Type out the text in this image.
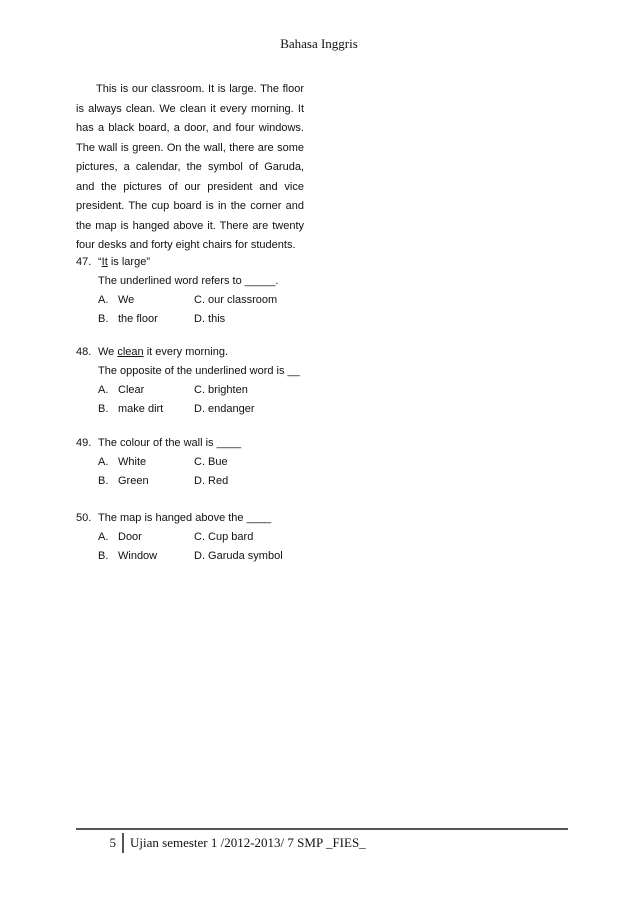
Bahasa Inggris

This is our classroom. It is large. The floor is always clean. We clean it every morning. It has a black board, a door, and four windows. The wall is green. On the wall, there are some pictures, a calendar, the symbol of Garuda, and the pictures of our president and vice president. The cup board is in the corner and the map is hanged above it. There are twenty four desks and forty eight chairs for students.

47. “It is large”
The underlined word refers to _____.
A. We	C. our classroom
B. the floor	D. this
48. We clean it every morning.
The opposite of the underlined word is __
A. Clear	C. brighten
B. make dirt	D. endanger
49. The colour of the wall is ____
A. White	C. Bue
B. Green	D. Red
50. The map is hanged above the ____
A. Door	C. Cup bard
B. Window	D. Garuda symbol
5	Ujian semester 1 /2012-2013/ 7 SMP _FIES_
